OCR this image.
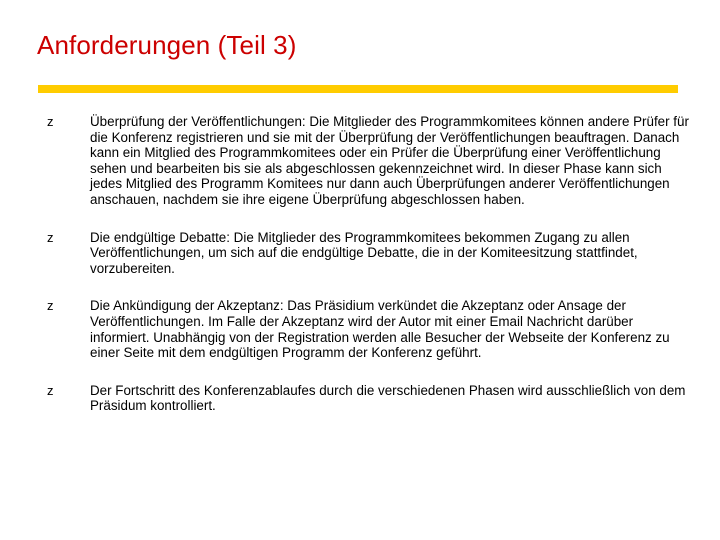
Anforderungen (Teil 3)
z	Überprüfung der Veröffentlichungen: Die Mitglieder des Programmkomitees können andere Prüfer für die Konferenz registrieren und sie mit der Überprüfung der Veröffentlichungen beauftragen. Danach kann ein Mitglied des Programmkomitees oder ein Prüfer die Überprüfung einer Veröffentlichung sehen und bearbeiten bis sie als abgeschlossen gekennzeichnet wird. In dieser Phase kann sich jedes Mitglied des Programm Komitees nur dann auch Überprüfungen anderer Veröffentlichungen anschauen, nachdem sie ihre eigene Überprüfung abgeschlossen haben.
z	Die endgültige Debatte: Die Mitglieder des Programmkomitees bekommen Zugang zu allen Veröffentlichungen, um sich auf die endgültige Debatte, die in der Komiteesitzung stattfindet, vorzubereiten.
z	Die Ankündigung der Akzeptanz: Das Präsidium verkündet die Akzeptanz oder Ansage der Veröffentlichungen. Im Falle der Akzeptanz wird der Autor mit einer Email Nachricht darüber informiert. Unabhängig von der Registration werden alle Besucher der Webseite der Konferenz zu einer Seite mit dem endgültigen Programm der Konferenz geführt.
z	Der Fortschritt des Konferenzablaufes durch die verschiedenen Phasen wird ausschließlich von dem Präsidum kontrolliert.
